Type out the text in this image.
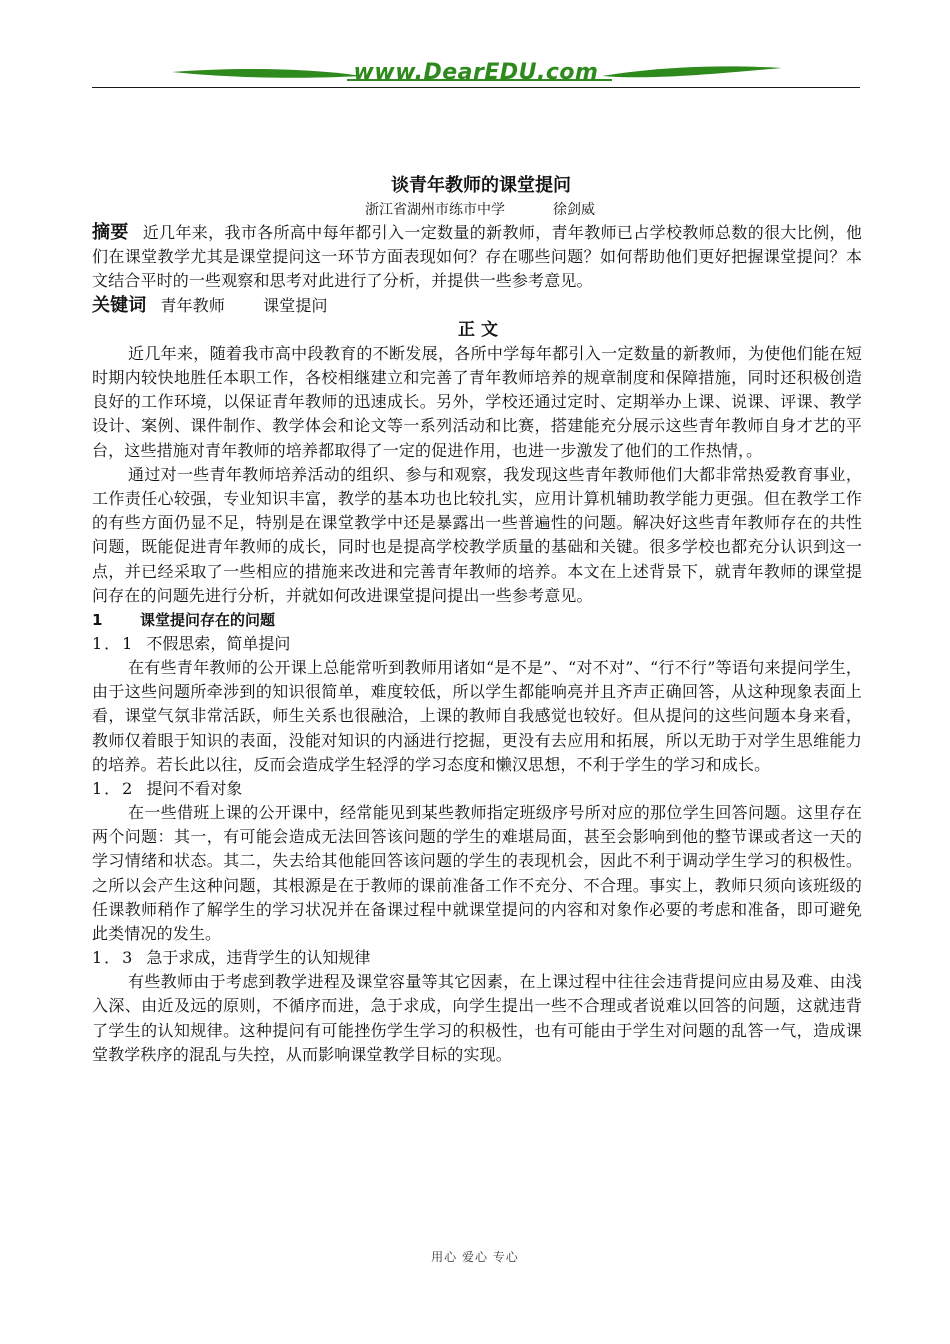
www.DearEDU.com
谈青年教师的课堂提问
浙江省湖州市练市中学	徐剑威

摘要 近几年来，我市各所高中每年都引入一定数量的新教师，青年教师已占学校教师总数的很大比例，他们在课堂教学尤其是课堂提问这一环节方面表现如何？存在哪些问题？如何帮助他们更好把握课堂提问？本文结合平时的一些观察和思考对此进行了分析，并提供一些参考意见。

关键词 青年教师 课堂提问

正文

近几年来，随着我市高中段教育的不断发展，各所中学每年都引入一定数量的新教师，为使他们能在短时期内较快地胜任本职工作，各校相继建立和完善了青年教师培养的规章制度和保障措施，同时还积极创造良好的工作环境，以保证青年教师的迅速成长。另外，学校还通过定时、定期举办上课、说课、评课、教学设计、案例、课件制作、教学体会和论文等一系列活动和比赛，搭建能充分展示这些青年教师自身才艺的平台，这些措施对青年教师的培养都取得了一定的促进作用，也进一步激发了他们的工作热情，。

通过对一些青年教师培养活动的组织、参与和观察，我发现这些青年教师他们大都非常热爱教育事业，工作责任心较强，专业知识丰富，教学的基本功也比较扎实，应用计算机辅助教学能力更强。但在教学工作的有些方面仍显不足，特别是在课堂教学中还是暴露出一些普遍性的问题。解决好这些青年教师存在的共性问题，既能促进青年教师的成长，同时也是提高学校教学质量的基础和关键。很多学校也都充分认识到这一点，并已经采取了一些相应的措施来改进和完善青年教师的培养。本文在上述背景下，就青年教师的课堂提问存在的问题先进行分析，并就如何改进课堂提问提出一些参考意见。

1	课堂提问存在的问题
1．1 不假思索，简单提问

在有些青年教师的公开课上总能常听到教师用诸如“是不是”、“对不对”、“行不行”等语句来提问学生，由于这些问题所牵涉到的知识很简单，难度较低，所以学生都能响亮并且齐声正确回答，从这种现象表面上看，课堂气氛非常活跃，师生关系也很融洽，上课的教师自我感觉也较好。但从提问的这些问题本身来看，教师仅着眼于知识的表面，没能对知识的内涵进行挖掘，更没有去应用和拓展，所以无助于对学生思维能力的培养。若长此以往，反而会造成学生轻浮的学习态度和懒汉思想，不利于学生的学习和成长。

1．2 提问不看对象

在一些借班上课的公开课中，经常能见到某些教师指定班级序号所对应的那位学生回答问题。这里存在两个问题：其一，有可能会造成无法回答该问题的学生的难堪局面，甚至会影响到他的整节课或者这一天的学习情绪和状态。其二，失去给其他能回答该问题的学生的表现机会，因此不利于调动学生学习的积极性。之所以会产生这种问题，其根源是在于教师的课前准备工作不充分、不合理。事实上，教师只须向该班级的任课教师稍作了解学生的学习状况并在备课过程中就课堂提问的内容和对象作必要的考虑和准备，即可避免此类情况的发生。

1．3 急于求成，违背学生的认知规律

有些教师由于考虑到教学进程及课堂容量等其它因素，在上课过程中往往会违背提问应由易及难、由浅入深、由近及远的原则，不循序而进，急于求成，向学生提出一些不合理或者说难以回答的问题，这就违背了学生的认知规律。这种提问有可能挫伤学生学习的积极性，也有可能由于学生对问题的乱答一气，造成课堂教学秩序的混乱与失控，从而影响课堂教学目标的实现。

用心 爱心 专心
